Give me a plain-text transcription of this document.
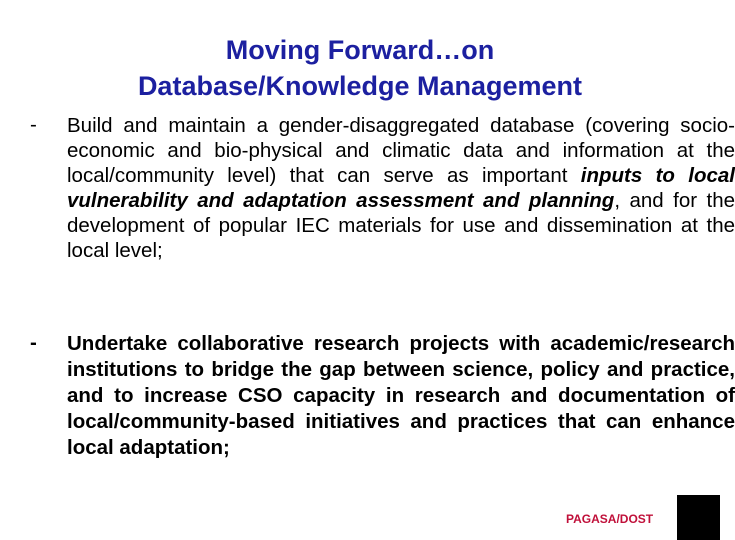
Moving Forward…on
Database/Knowledge Management
- Build and maintain a gender-disaggregated database (covering socio-economic and bio-physical and climatic data and information at the local/community level) that can serve as important inputs to local vulnerability and adaptation assessment and planning, and for the development of popular IEC materials for use and dissemination at the local level;
- Undertake collaborative research projects with academic/research institutions to bridge the gap between science, policy and practice, and to increase CSO capacity in research and documentation of local/community-based initiatives and practices that can enhance local adaptation;
PAGASA/DOST
